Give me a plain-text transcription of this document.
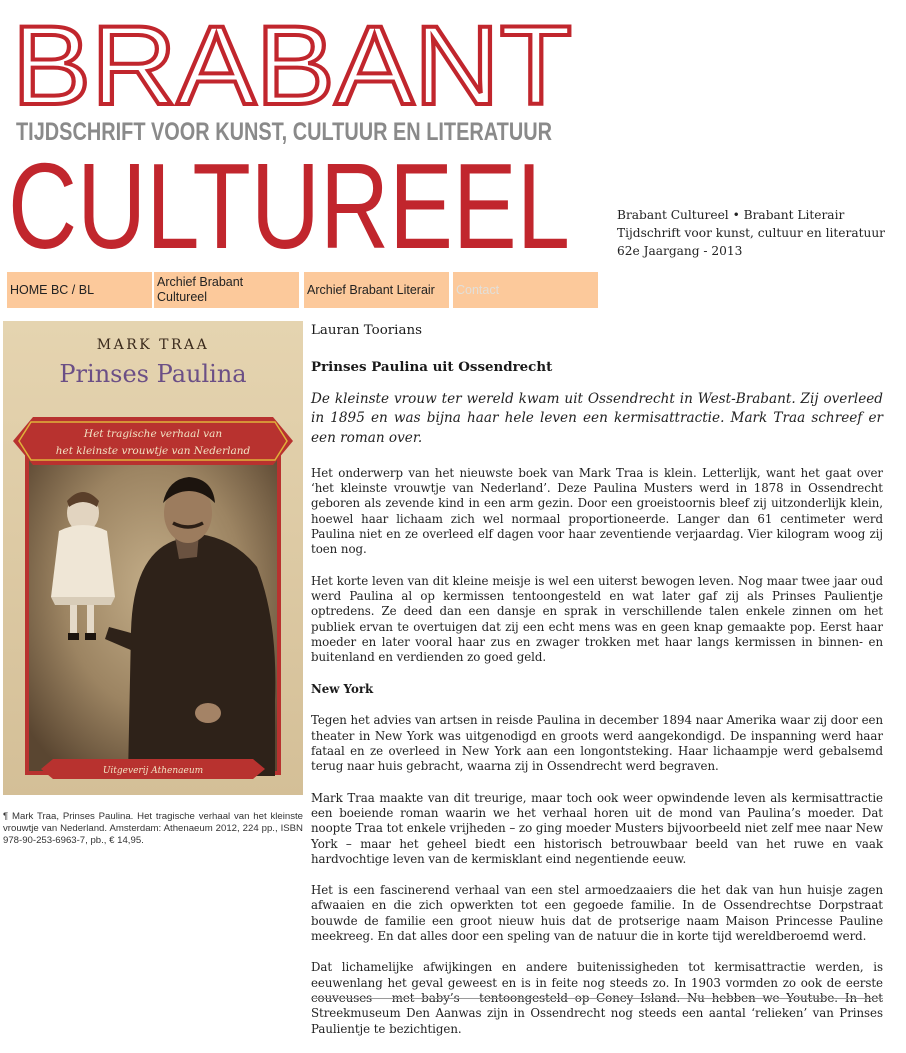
BRABANT
TIJDSCHRIFT VOOR KUNST, CULTUUR EN LITERATUUR
CULTUREEL	Brabant Cultureel • Brabant Literair
Tijdschrift voor kunst, cultuur en literatuur
62e Jaargang - 2013
HOME BC / BL
Archief Brabant Cultureel
Archief Brabant Literair	Contact
MARK TRAA
Prinses Paulina
Het tragische verhaal van
het kleinste vrouwtje van Nederland
Uitgeverij Athenaeum
¶ Mark Traa, Prinses Paulina. Het tragische verhaal van het kleinste vrouwtje van Nederland. Amsterdam: Athenaeum 2012, 224 pp., ISBN 978-90-253-6963-7, pb., € 14,95.
Lauran Toorians
Prinses Paulina uit Ossendrecht
De kleinste vrouw ter wereld kwam uit Ossendrecht in West-Brabant. Zij overleed in 1895 en was bijna haar hele leven een kermisattractie. Mark Traa schreef er een roman over.
Het onderwerp van het nieuwste boek van Mark Traa is klein. Letterlijk, want het gaat over ‘het kleinste vrouwtje van Nederland’. Deze Paulina Musters werd in 1878 in Ossendrecht geboren als zevende kind in een arm gezin. Door een groeistoornis bleef zij uitzonderlijk klein, hoewel haar lichaam zich wel normaal proportioneerde. Langer dan 61 centimeter werd Paulina niet en ze overleed elf dagen voor haar zeventiende verjaardag. Vier kilogram woog zij toen nog.
Het korte leven van dit kleine meisje is wel een uiterst bewogen leven. Nog maar twee jaar oud werd Paulina al op kermissen tentoongesteld en wat later gaf zij als Prinses Paulientje optredens. Ze deed dan een dansje en sprak in verschillende talen enkele zinnen om het publiek ervan te overtuigen dat zij een echt mens was en geen knap gemaakte pop. Eerst haar moeder en later vooral haar zus en zwager trokken met haar langs kermissen in binnen- en buitenland en verdienden zo goed geld.
New York
Tegen het advies van artsen in reisde Paulina in december 1894 naar Amerika waar zij door een theater in New York was uitgenodigd en groots werd aangekondigd. De inspanning werd haar fataal en ze overleed in New York aan een longontsteking. Haar lichaampje werd gebalsemd terug naar huis gebracht, waarna zij in Ossendrecht werd begraven.
Mark Traa maakte van dit treurige, maar toch ook weer opwindende leven als kermisattractie een boeiende roman waarin we het verhaal horen uit de mond van Paulina’s moeder. Dat noopte Traa tot enkele vrijheden – zo ging moeder Musters bijvoorbeeld niet zelf mee naar New York – maar het geheel biedt een historisch betrouwbaar beeld van het ruwe en vaak hardvochtige leven van de kermisklant eind negentiende eeuw.
Het is een fascinerend verhaal van een stel armoedzaaiers die het dak van hun huisje zagen afwaaien en die zich opwerkten tot een gegoede familie. In de Ossendrechtse Dorpstraat bouwde de familie een groot nieuw huis dat de protserige naam Maison Princesse Pauline meekreeg. En dat alles door een speling van de natuur die in korte tijd wereldberoemd werd.
Dat lichamelijke afwijkingen en andere buitenissigheden tot kermisattractie werden, is eeuwenlang het geval geweest en is in feite nog steeds zo. In 1903 vormden zo ook de eerste couveuses – met baby’s – tentoongesteld op Coney Island. Nu hebben we Youtube. In het Streekmuseum Den Aanwas zijn in Ossendrecht nog steeds een aantal ‘relieken’ van Prinses Paulientje te bezichtigen.
